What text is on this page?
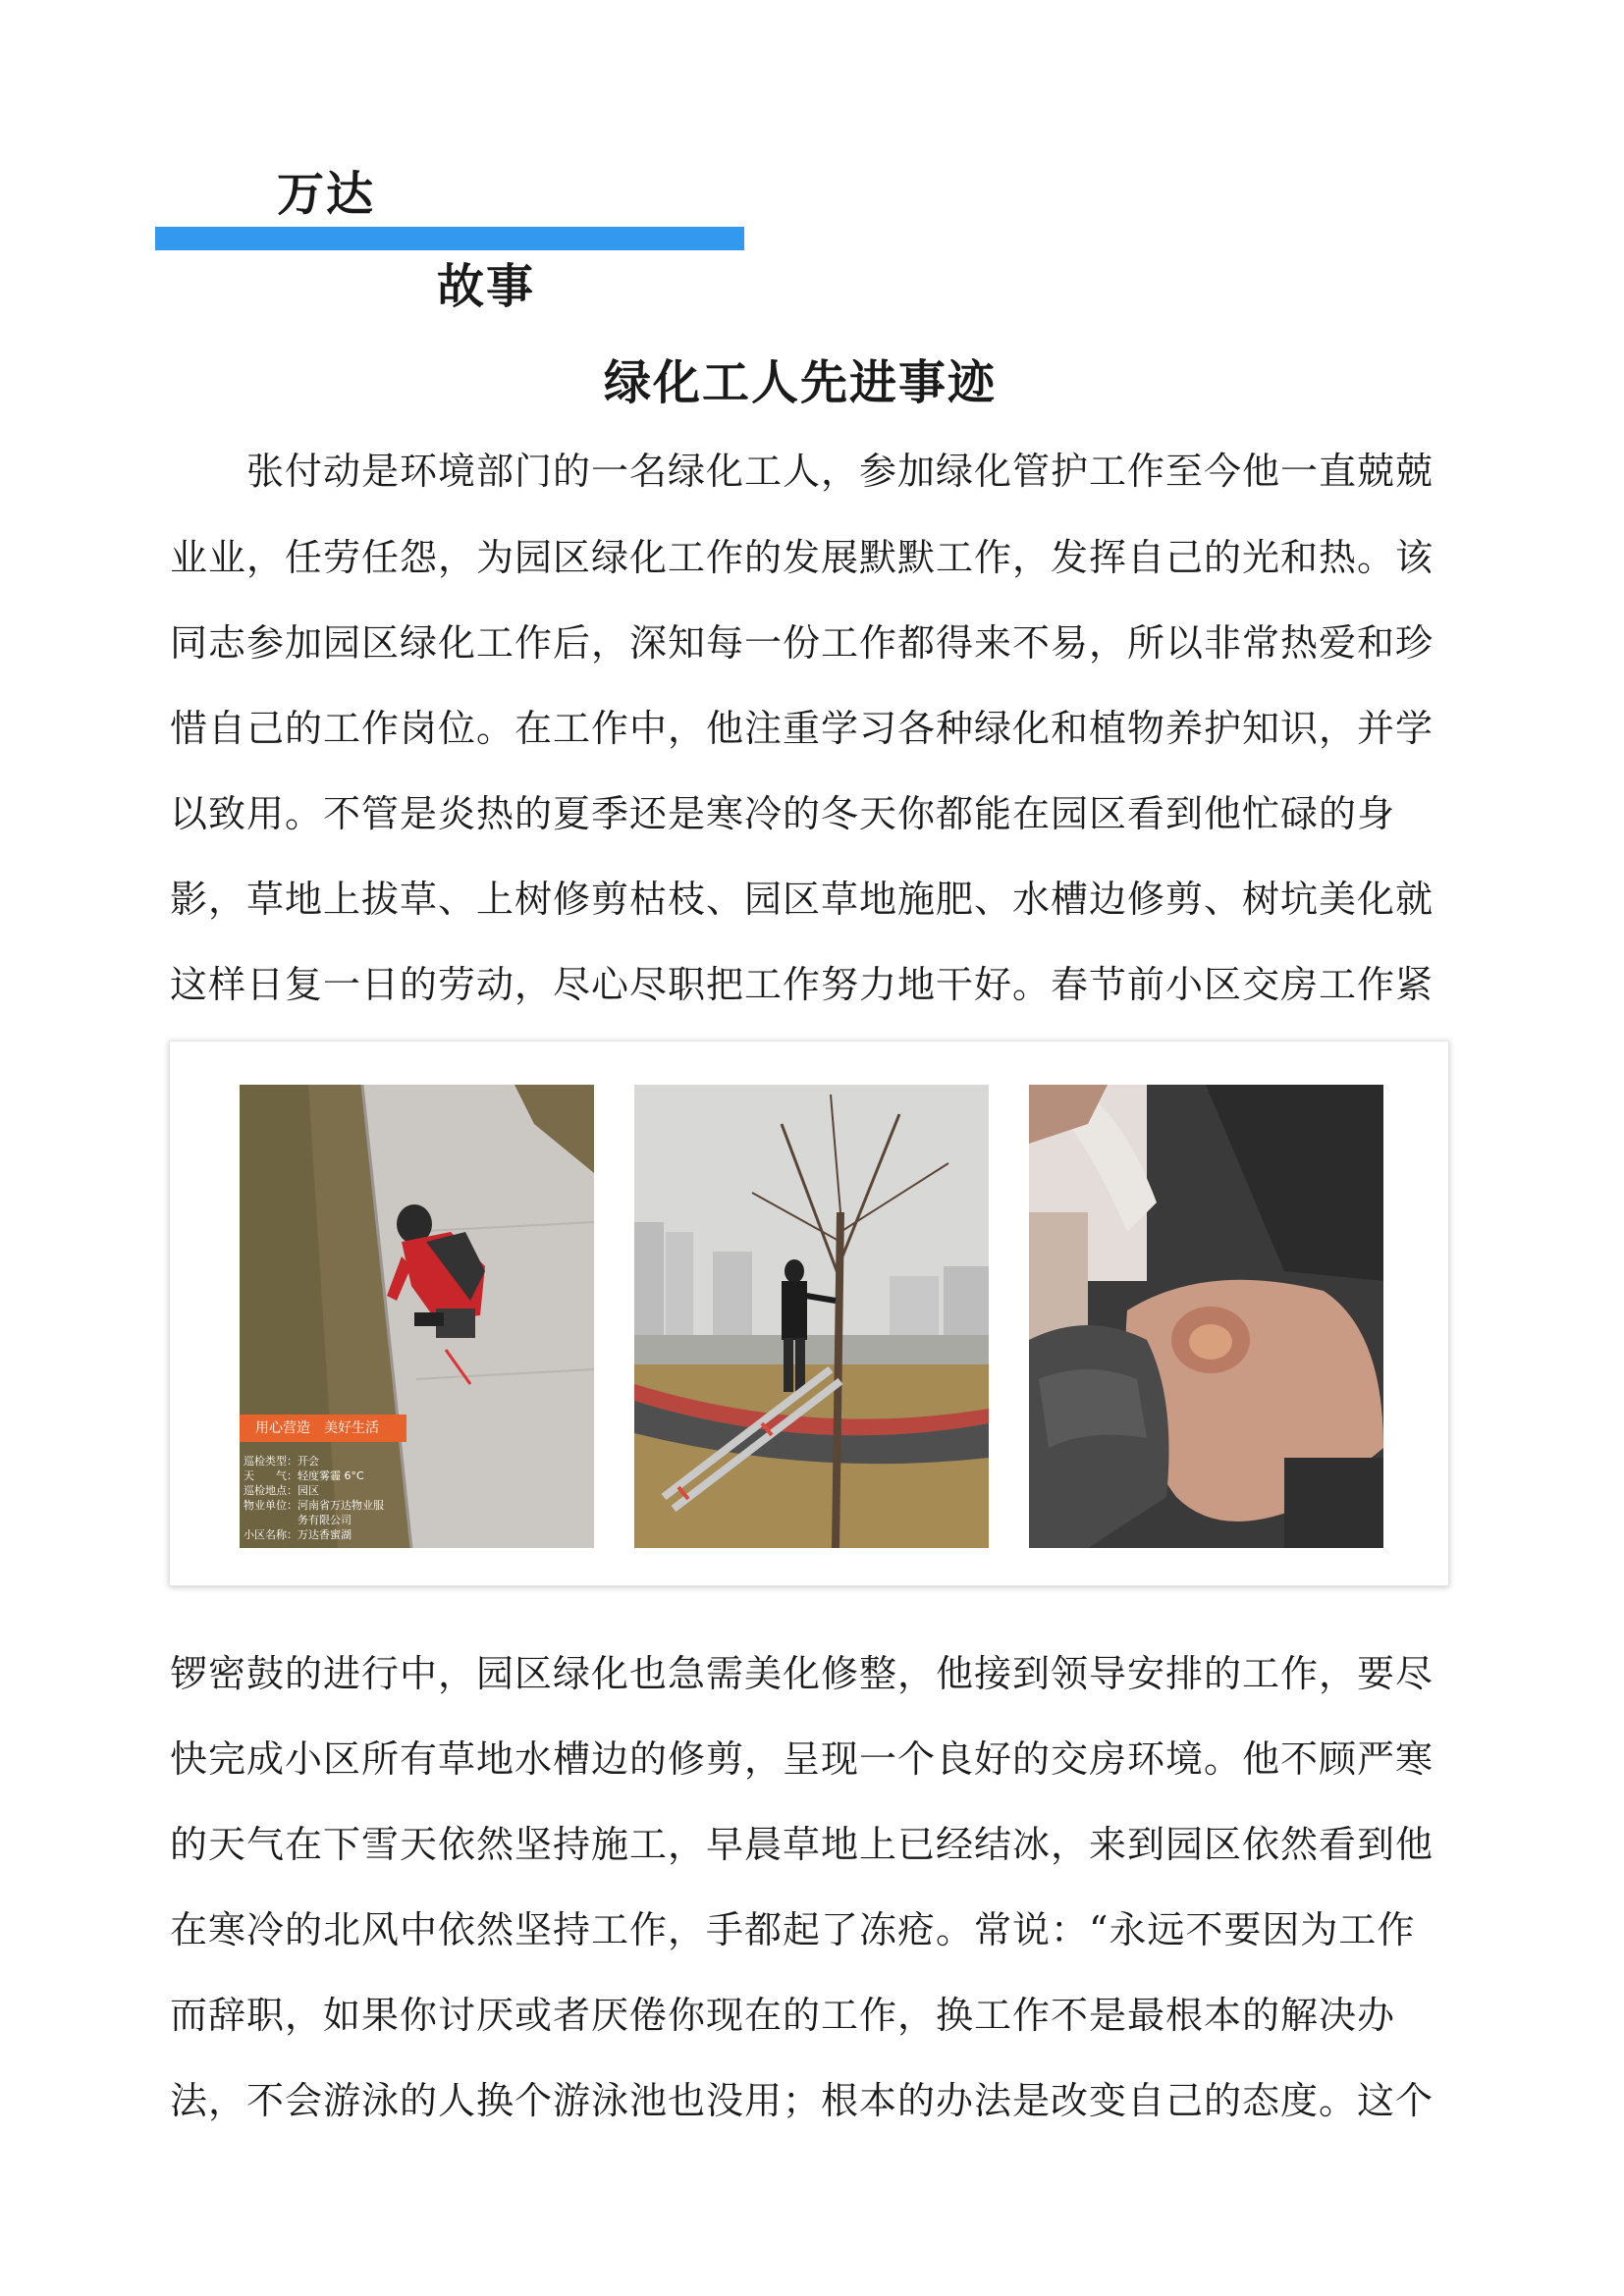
万达
故事
绿化工人先进事迹
　　张付动是环境部门的一名绿化工人，参加绿化管护工作至今他一直兢兢
业业，任劳任怨，为园区绿化工作的发展默默工作，发挥自己的光和热。该
同志参加园区绿化工作后，深知每一份工作都得来不易，所以非常热爱和珍
惜自己的工作岗位。在工作中，他注重学习各种绿化和植物养护知识，并学
以致用。不管是炎热的夏季还是寒冷的冬天你都能在园区看到他忙碌的身
影，草地上拔草、上树修剪枯枝、园区草地施肥、水槽边修剪、树坑美化就
这样日复一日的劳动，尽心尽职把工作努力地干好。春节前小区交房工作紧
用心营造　美好生活
巡检类型：开会
天　　气：轻度雾霾 6°C
巡检地点：园区
物业单位：河南省万达物业服
　　　　　务有限公司
小区名称：万达香蜜湖
锣密鼓的进行中，园区绿化也急需美化修整，他接到领导安排的工作，要尽
快完成小区所有草地水槽边的修剪，呈现一个良好的交房环境。他不顾严寒
的天气在下雪天依然坚持施工，早晨草地上已经结冰，来到园区依然看到他
在寒冷的北风中依然坚持工作，手都起了冻疮。常说：“永远不要因为工作
而辞职，如果你讨厌或者厌倦你现在的工作，换工作不是最根本的解决办
法，不会游泳的人换个游泳池也没用；根本的办法是改变自己的态度。这个
